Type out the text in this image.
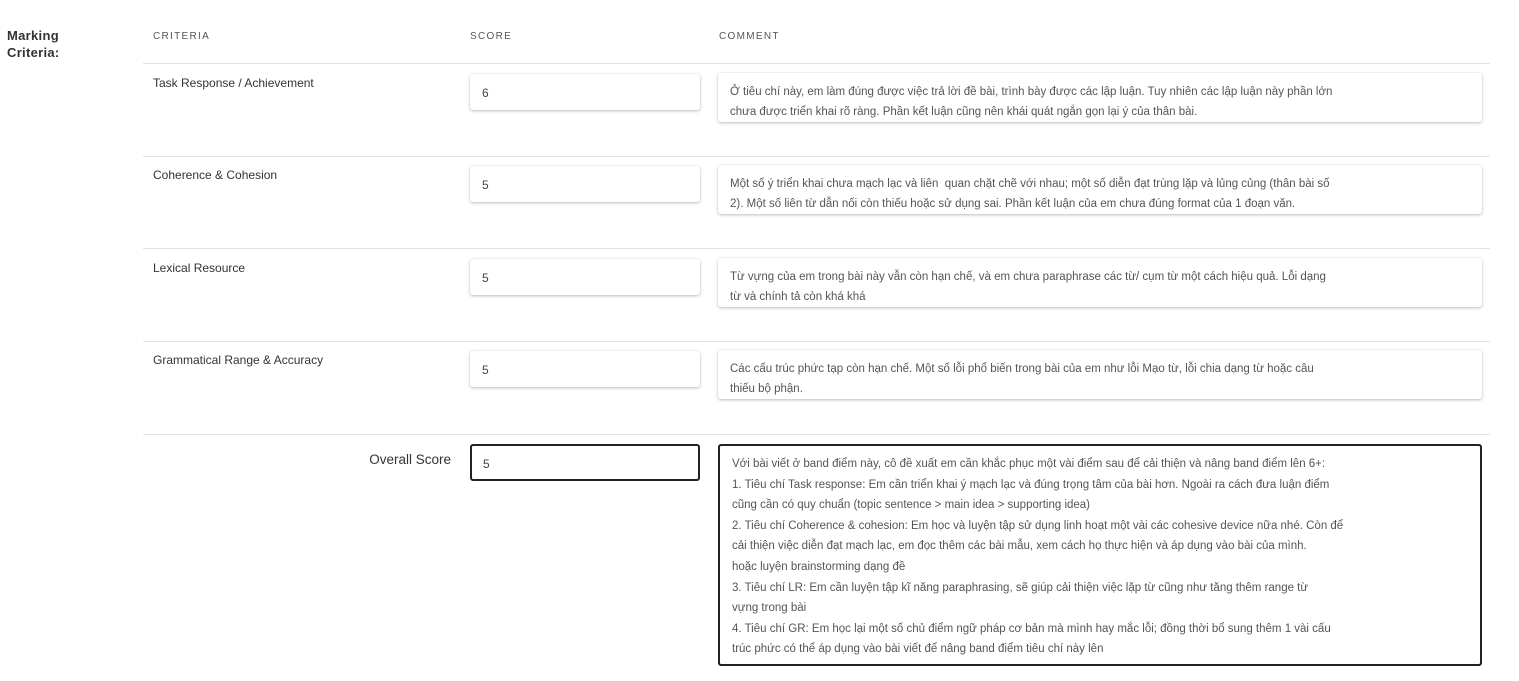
Marking
Criteria:
CRITERIA	SCORE	COMMENT
Task Response / Achievement
6	Ở tiêu chí này, em làm đúng được việc trả lời đề bài, trình bày được các lập luận. Tuy nhiên các lập luận này phần lớn
chưa được triển khai rõ ràng. Phần kết luận cũng nên khái quát ngắn gọn lại ý của thân bài.
Coherence & Cohesion
5	Một số ý triển khai chưa mạch lạc và liên  quan chặt chẽ với nhau; một số diễn đạt trùng lặp và lủng củng (thân bài số
2). Một số liên từ dẫn nối còn thiếu hoặc sử dụng sai. Phần kết luận của em chưa đúng format của 1 đoạn văn.
Lexical Resource
5	Từ vựng của em trong bài này vẫn còn hạn chế, và em chưa paraphrase các từ/ cụm từ một cách hiệu quả. Lỗi dạng
từ và chính tả còn khá khá
Grammatical Range & Accuracy
5	Các cấu trúc phức tạp còn hạn chế. Một số lỗi phổ biến trong bài của em như lỗi Mạo từ, lỗi chia dạng từ hoặc câu
thiếu bộ phận.
Overall Score	5	Với bài viết ở band điểm này, cô đề xuất em cần khắc phục một vài điểm sau để cải thiện và nâng band điểm lên 6+:
1. Tiêu chí Task response: Em cần triển khai ý mạch lạc và đúng trọng tâm của bài hơn. Ngoài ra cách đưa luận điểm
cũng cần có quy chuẩn (topic sentence > main idea > supporting idea)
2. Tiêu chí Coherence & cohesion: Em học và luyện tập sử dụng linh hoạt một vài các cohesive device nữa nhé. Còn để
cải thiện việc diễn đạt mạch lạc, em đọc thêm các bài mẫu, xem cách họ thực hiện và áp dụng vào bài của mình.
hoặc luyện brainstorming dạng đề
3. Tiêu chí LR: Em cần luyện tập kĩ năng paraphrasing, sẽ giúp cải thiện việc lặp từ cũng như tăng thêm range từ
vựng trong bài
4. Tiêu chí GR: Em học lại một số chủ điểm ngữ pháp cơ bản mà mình hay mắc lỗi; đồng thời bổ sung thêm 1 vài cấu
trúc phức có thể áp dụng vào bài viết để nâng band điểm tiêu chí này lên
